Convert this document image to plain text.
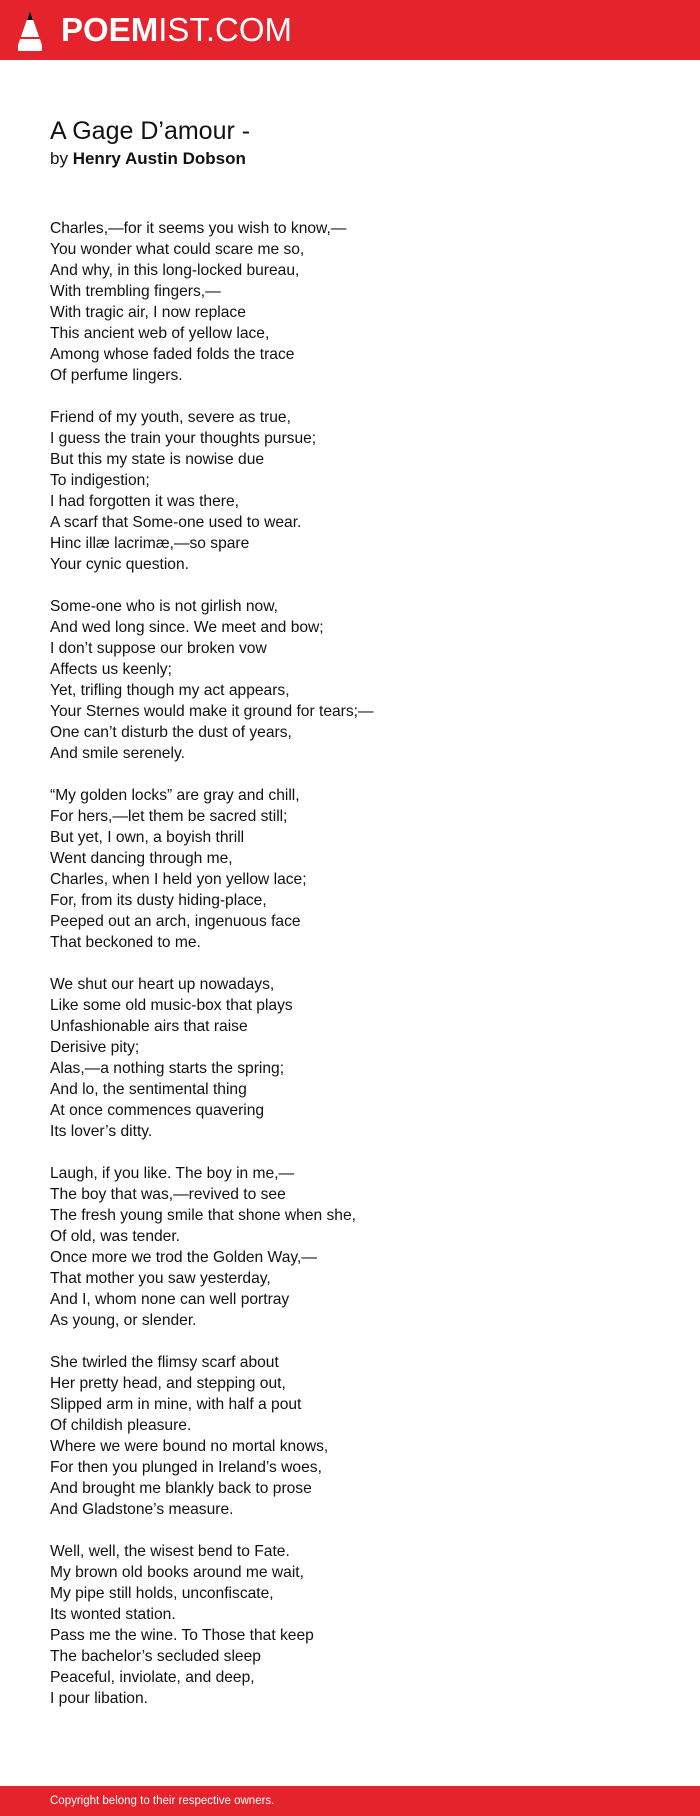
POEMIST.COM
A Gage D’amour -
by Henry Austin Dobson
Charles,—for it seems you wish to know,—
You wonder what could scare me so,
And why, in this long-locked bureau,
With trembling fingers,—
With tragic air, I now replace
This ancient web of yellow lace,
Among whose faded folds the trace
Of perfume lingers.
Friend of my youth, severe as true,
I guess the train your thoughts pursue;
But this my state is nowise due
To indigestion;
I had forgotten it was there,
A scarf that Some-one used to wear.
Hinc illæ lacrimæ,—so spare
Your cynic question.
Some-one who is not girlish now,
And wed long since. We meet and bow;
I don’t suppose our broken vow
Affects us keenly;
Yet, trifling though my act appears,
Your Sternes would make it ground for tears;—
One can’t disturb the dust of years,
And smile serenely.
“My golden locks” are gray and chill,
For hers,—let them be sacred still;
But yet, I own, a boyish thrill
Went dancing through me,
Charles, when I held yon yellow lace;
For, from its dusty hiding-place,
Peeped out an arch, ingenuous face
That beckoned to me.
We shut our heart up nowadays,
Like some old music-box that plays
Unfashionable airs that raise
Derisive pity;
Alas,—a nothing starts the spring;
And lo, the sentimental thing
At once commences quavering
Its lover’s ditty.
Laugh, if you like. The boy in me,—
The boy that was,—revived to see
The fresh young smile that shone when she,
Of old, was tender.
Once more we trod the Golden Way,—
That mother you saw yesterday,
And I, whom none can well portray
As young, or slender.
She twirled the flimsy scarf about
Her pretty head, and stepping out,
Slipped arm in mine, with half a pout
Of childish pleasure.
Where we were bound no mortal knows,
For then you plunged in Ireland’s woes,
And brought me blankly back to prose
And Gladstone’s measure.
Well, well, the wisest bend to Fate.
My brown old books around me wait,
My pipe still holds, unconfiscate,
Its wonted station.
Pass me the wine. To Those that keep
The bachelor’s secluded sleep
Peaceful, inviolate, and deep,
I pour libation.
Copyright belong to their respective owners.
